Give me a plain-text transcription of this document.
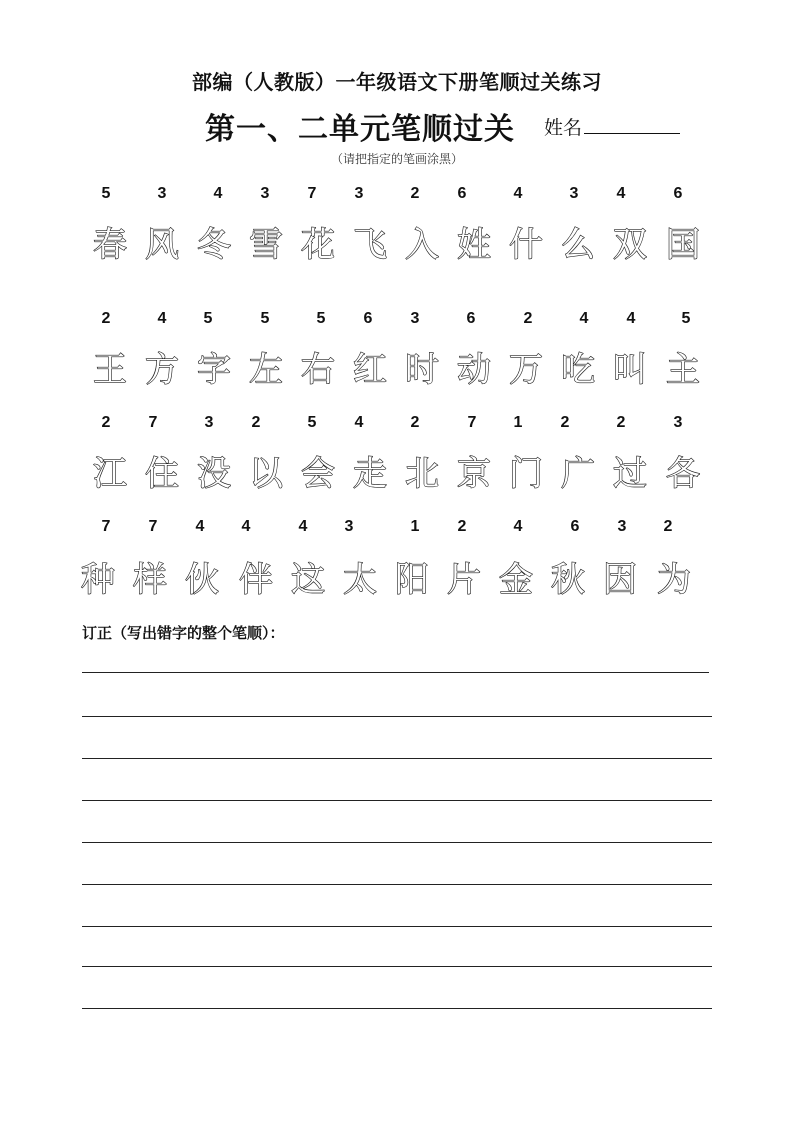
部编（人教版）一年级语文下册笔顺过关练习
第一、二单元笔顺过关 姓名
（请把指定的笔画涂黑）
5	3	4	3	7	3	2	6	4	3	4	6
春 风 冬 雪 花 飞 入 姓 什 么 双 国
2	4	5	5	5	6	3	6	2	4	4	5
王 方 字 左 右 红 时 动 万 吃 叫 主
2	7	3	2	5	4	2	7	1	2	2	3
江 住 没 以 会 走 北 京 门 广 过 各
7	7	4	4	4	3	1	2	4	6	3	2
种 样 伙 伴 这 太 阳 片 金 秋 因 为
订正（写出错字的整个笔顺）：
